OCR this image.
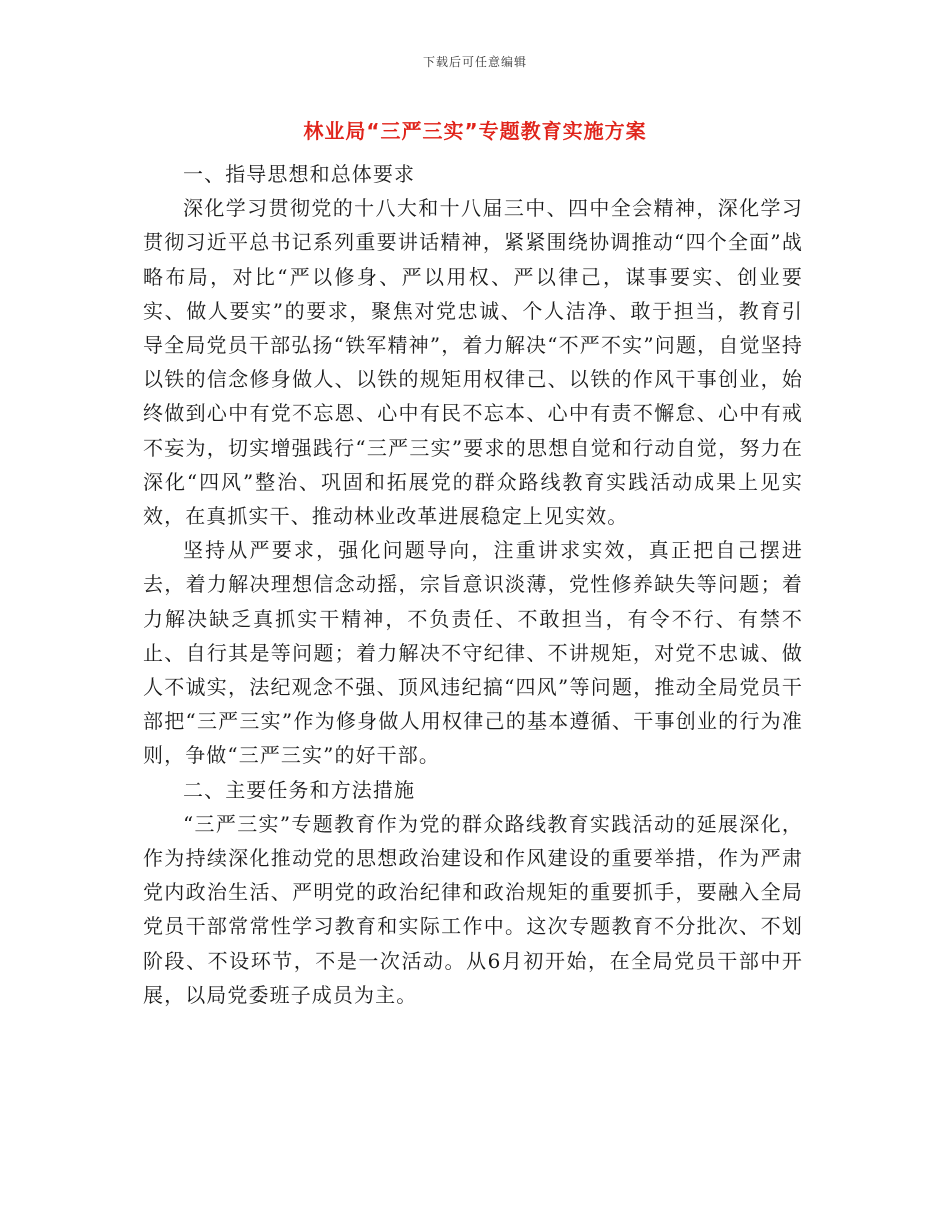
下载后可任意编辑
林业局“三严三实”专题教育实施方案

一、指导思想和总体要求

深化学习贯彻党的十八大和十八届三中、四中全会精神，深化学习贯彻习近平总书记系列重要讲话精神，紧紧围绕协调推动“四个全面”战略布局，对比“严以修身、严以用权、严以律己，谋事要实、创业要实、做人要实”的要求，聚焦对党忠诚、个人洁净、敢于担当，教育引导全局党员干部弘扬“铁军精神”，着力解决“不严不实”问题，自觉坚持以铁的信念修身做人、以铁的规矩用权律己、以铁的作风干事创业，始终做到心中有党不忘恩、心中有民不忘本、心中有责不懈怠、心中有戒不妄为，切实增强践行“三严三实”要求的思想自觉和行动自觉，努力在深化“四风”整治、巩固和拓展党的群众路线教育实践活动成果上见实效，在真抓实干、推动林业改革进展稳定上见实效。

坚持从严要求，强化问题导向，注重讲求实效，真正把自己摆进去，着力解决理想信念动摇，宗旨意识淡薄，党性修养缺失等问题；着力解决缺乏真抓实干精神，不负责任、不敢担当，有令不行、有禁不止、自行其是等问题；着力解决不守纪律、不讲规矩，对党不忠诚、做人不诚实，法纪观念不强、顶风违纪搞“四风”等问题，推动全局党员干部把“三严三实”作为修身做人用权律己的基本遵循、干事创业的行为准则，争做“三严三实”的好干部。

二、主要任务和方法措施

“三严三实”专题教育作为党的群众路线教育实践活动的延展深化，作为持续深化推动党的思想政治建设和作风建设的重要举措，作为严肃党内政治生活、严明党的政治纪律和政治规矩的重要抓手，要融入全局党员干部常常性学习教育和实际工作中。这次专题教育不分批次、不划阶段、不设环节，不是一次活动。从6月初开始，在全局党员干部中开展，以局党委班子成员为主。
